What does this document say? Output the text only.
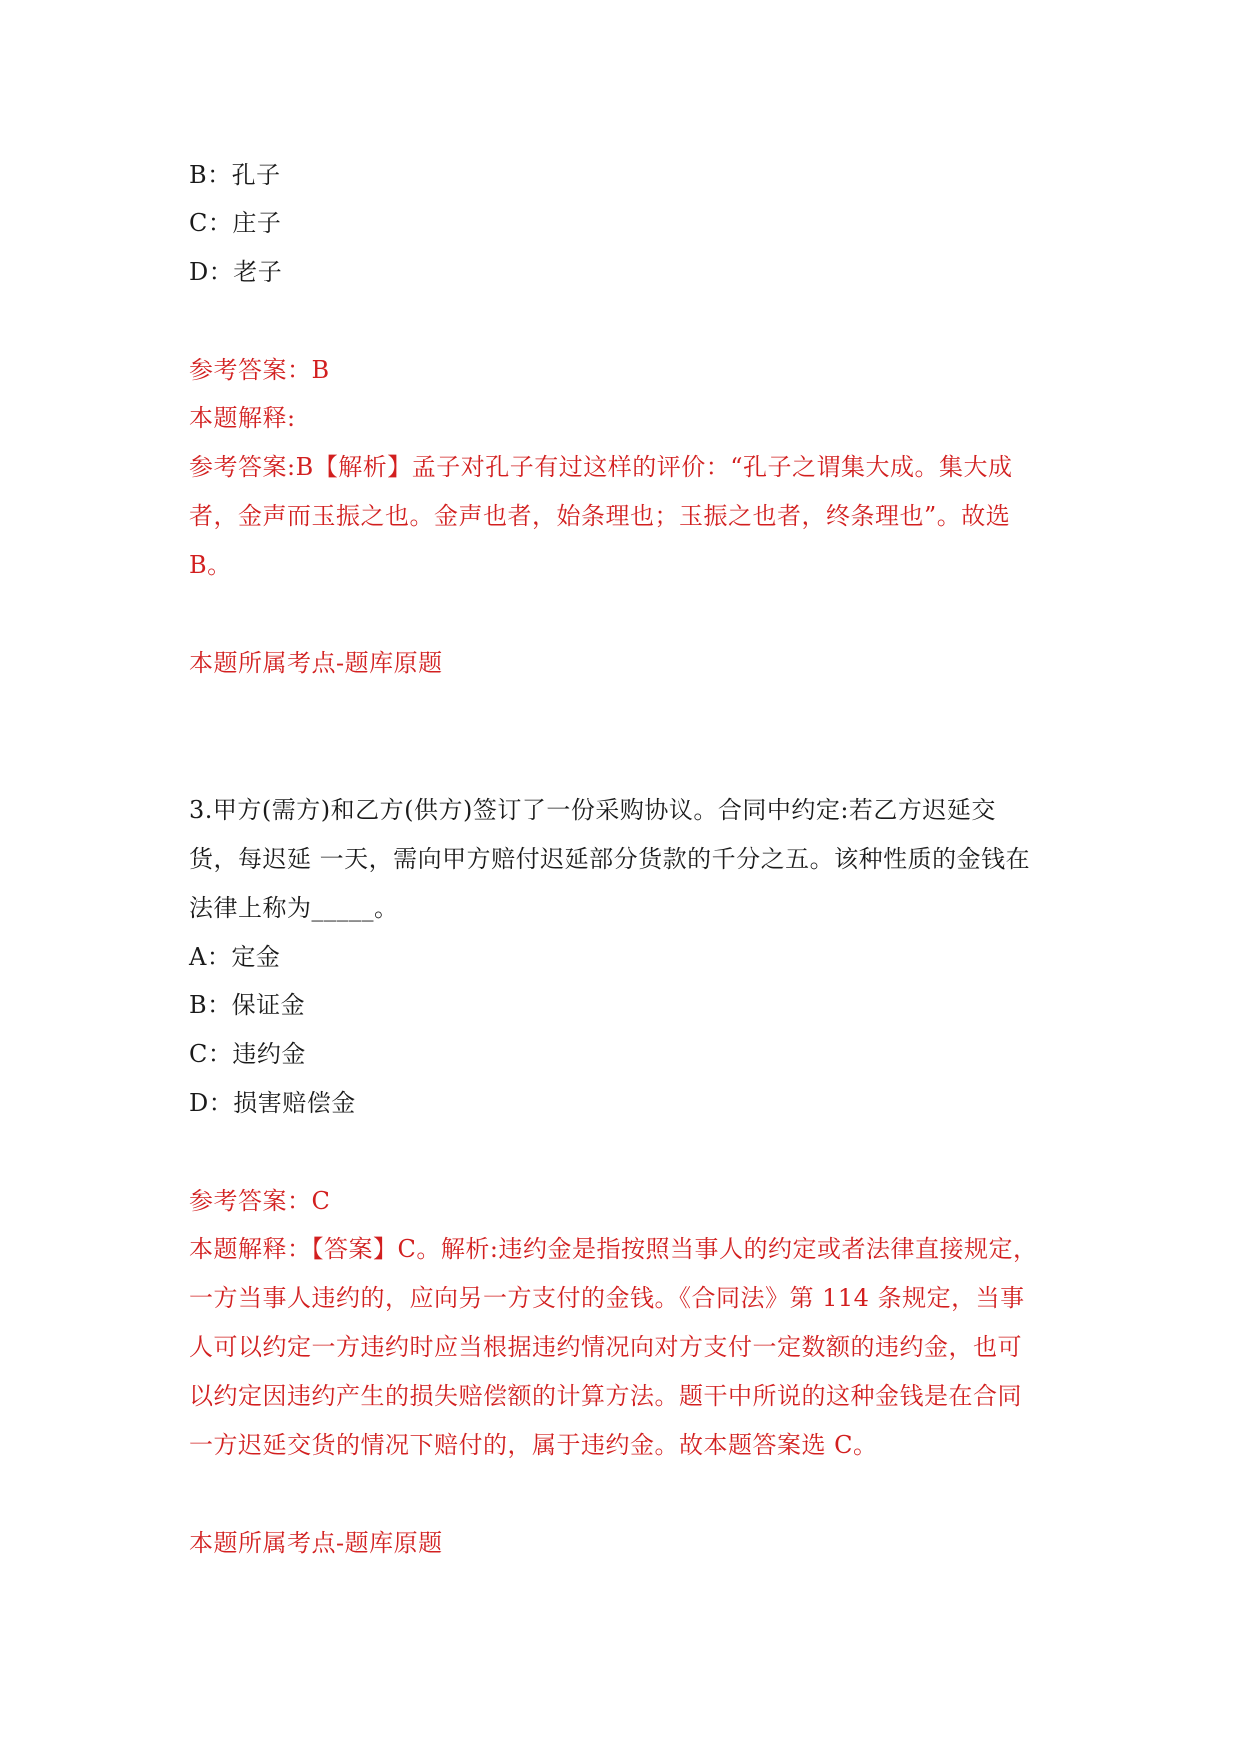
B：孔子
C：庄子
D：老子
参考答案：B
本题解释:
参考答案:B【解析】孟子对孔子有过这样的评价：“孔子之谓集大成。集大成
者，金声而玉振之也。金声也者，始条理也；玉振之也者，终条理也”。故选
B。
本题所属考点-题库原题
3.甲方(需方)和乙方(供方)签订了一份采购协议。合同中约定:若乙方迟延交
货，每迟延 一天，需向甲方赔付迟延部分货款的千分之五。该种性质的金钱在
法律上称为_____。
A：定金
B：保证金
C：违约金
D：损害赔偿金
参考答案：C
本题解释：【答案】C。解析:违约金是指按照当事人的约定或者法律直接规定，
一方当事人违约的，应向另一方支付的金钱。《合同法》第 114 条规定，当事
人可以约定一方违约时应当根据违约情况向对方支付一定数额的违约金，也可
以约定因违约产生的损失赔偿额的计算方法。题干中所说的这种金钱是在合同
一方迟延交货的情况下赔付的，属于违约金。故本题答案选 C。
本题所属考点-题库原题
